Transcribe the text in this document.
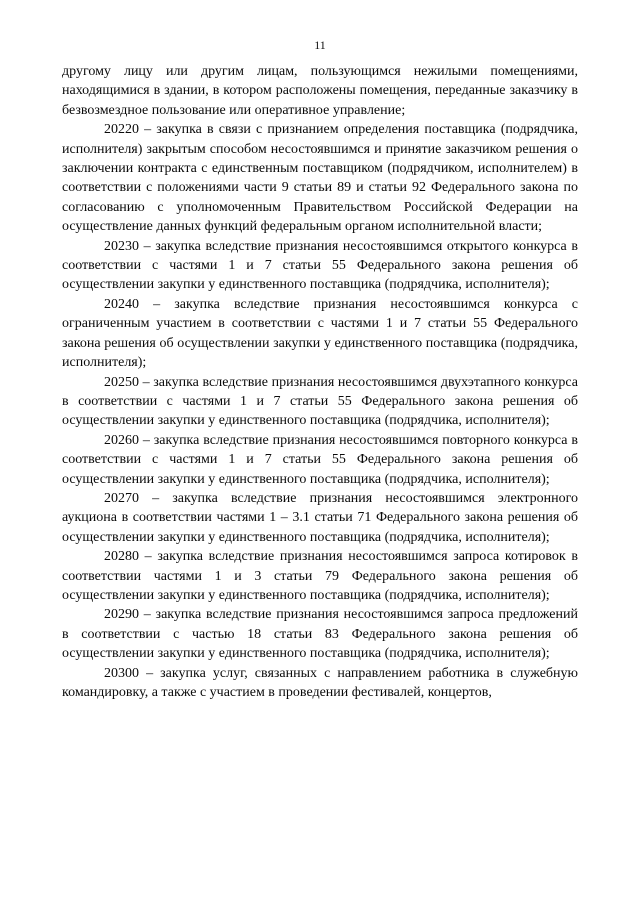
11

другому лицу или другим лицам, пользующимся нежилыми помещениями, находящимися в здании, в котором расположены помещения, переданные заказчику в безвозмездное пользование или оперативное управление;

20220 – закупка в связи с признанием определения поставщика (подрядчика, исполнителя) закрытым способом несостоявшимся и принятие заказчиком решения о заключении контракта с единственным поставщиком (подрядчиком, исполнителем) в соответствии с положениями части 9 статьи 89 и статьи 92 Федерального закона по согласованию с уполномоченным Правительством Российской Федерации на осуществление данных функций федеральным органом исполнительной власти;

20230 – закупка вследствие признания несостоявшимся открытого конкурса в соответствии с частями 1 и 7 статьи 55 Федерального закона решения об осуществлении закупки у единственного поставщика (подрядчика, исполнителя);

20240 – закупка вследствие признания несостоявшимся конкурса с ограниченным участием в соответствии с частями 1 и 7 статьи 55 Федерального закона решения об осуществлении закупки у единственного поставщика (подрядчика, исполнителя);

20250 – закупка вследствие признания несостоявшимся двухэтапного конкурса в соответствии с частями 1 и 7 статьи 55 Федерального закона решения об осуществлении закупки у единственного поставщика (подрядчика, исполнителя);

20260 – закупка вследствие признания несостоявшимся повторного конкурса в соответствии с частями 1 и 7 статьи 55 Федерального закона решения об осуществлении закупки у единственного поставщика (подрядчика, исполнителя);

20270 – закупка вследствие признания несостоявшимся электронного аукциона в соответствии частями 1 – 3.1 статьи 71 Федерального закона решения об осуществлении закупки у единственного поставщика (подрядчика, исполнителя);

20280 – закупка вследствие признания несостоявшимся запроса котировок в соответствии частями 1 и 3 статьи 79 Федерального закона решения об осуществлении закупки у единственного поставщика (подрядчика, исполнителя);

20290 – закупка вследствие признания несостоявшимся запроса предложений в соответствии с частью 18 статьи 83 Федерального закона решения об осуществлении закупки у единственного поставщика (подрядчика, исполнителя);

20300 – закупка услуг, связанных с направлением работника в служебную командировку, а также с участием в проведении фестивалей, концертов,
